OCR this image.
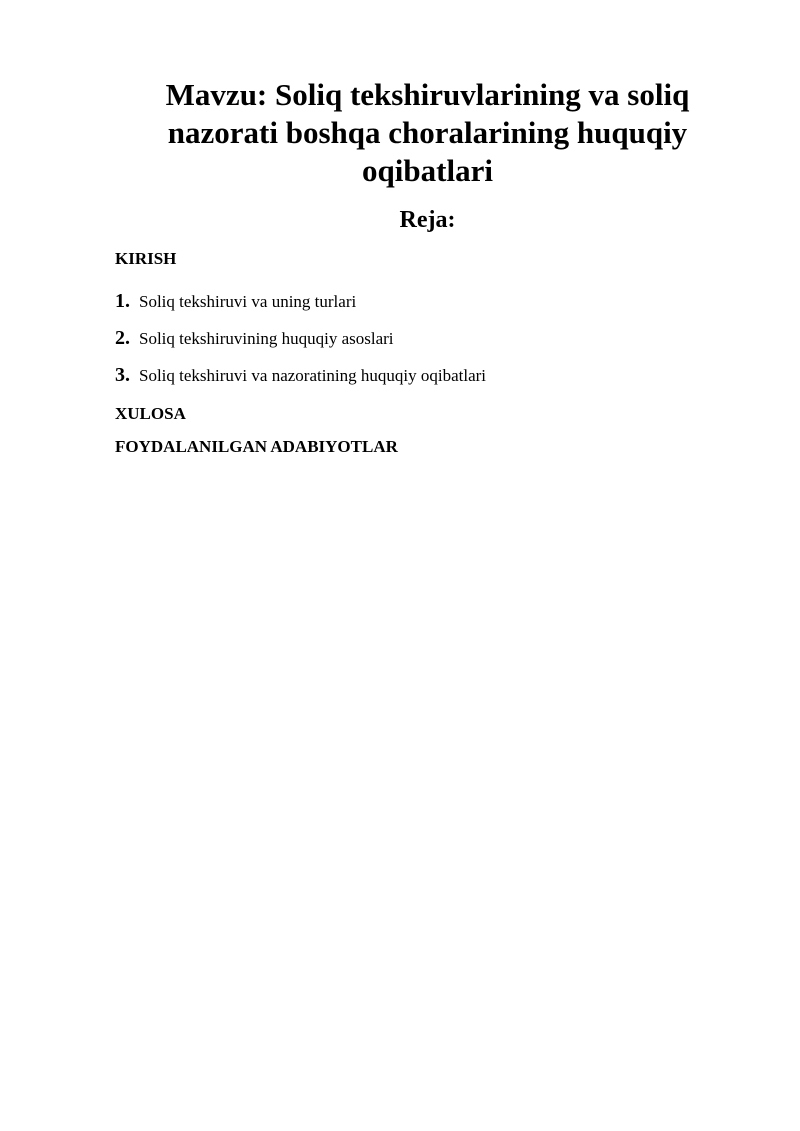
Mavzu: Soliq tekshiruvlarining va soliq nazorati boshqa choralarining huquqiy oqibatlari
Reja:

KIRISH

1. Soliq tekshiruvi va uning turlari
2. Soliq tekshiruvining huquqiy asoslari
3. Soliq tekshiruvi va nazoratining huquqiy oqibatlari

XULOSA

FOYDALANILGAN ADABIYOTLAR
